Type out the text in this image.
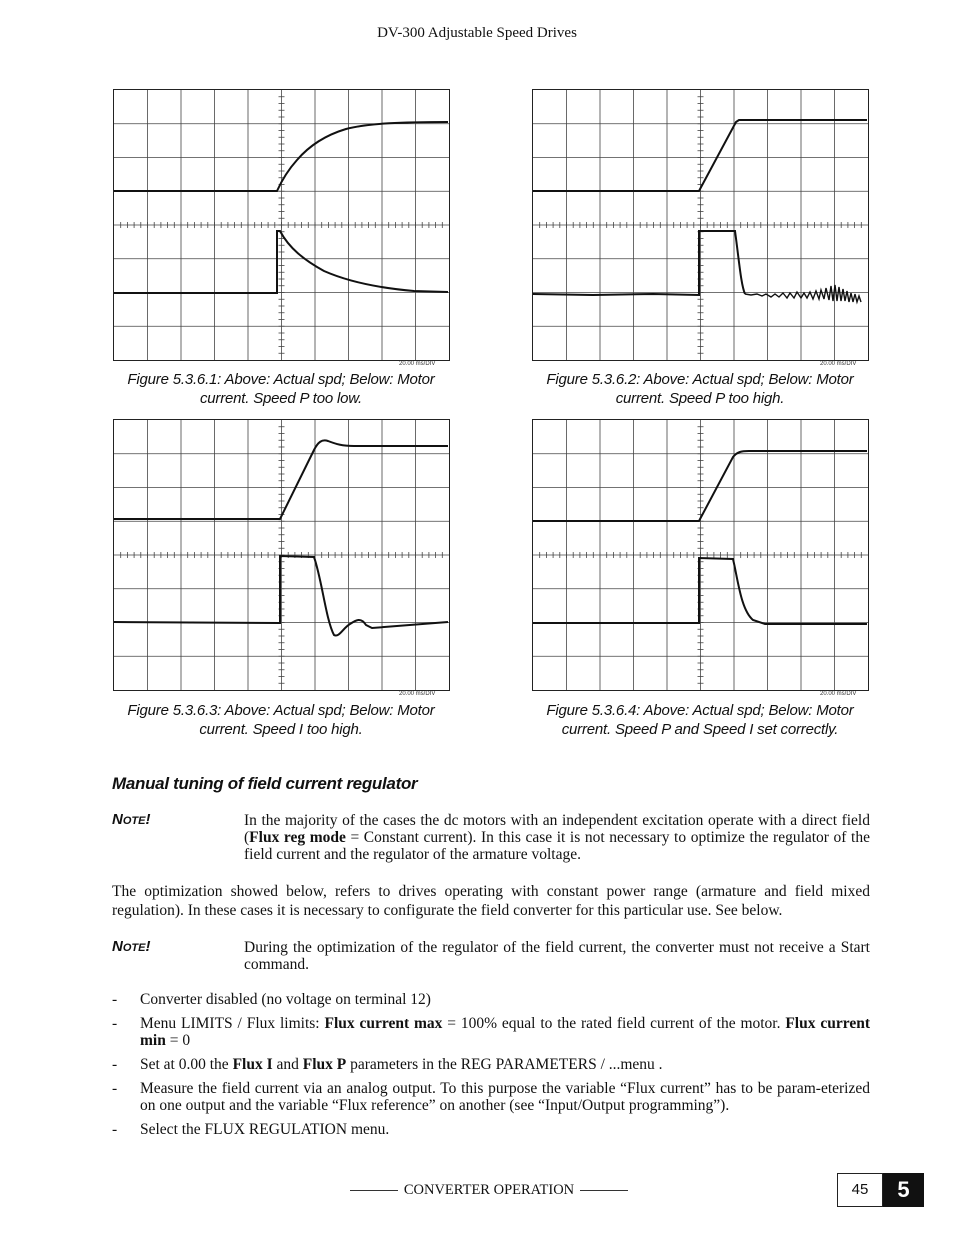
DV-300 Adjustable Speed Drives
20.00 ms/DIV
Figure 5.3.6.1: Above: Actual spd; Below: Motor
current. Speed P too low.
20.00 ms/DIV
Figure 5.3.6.2: Above: Actual spd; Below: Motor
current. Speed P too high.
20.00 ms/DIV
Figure 5.3.6.3: Above: Actual spd; Below: Motor
current. Speed I too high.
20.00 ms/DIV
Figure 5.3.6.4: Above: Actual spd; Below: Motor
current. Speed P and Speed I set correctly.
Manual tuning of field current regulator
NOTE!	In the majority of the cases the dc motors with an independent excitation operate with a direct field (Flux reg mode = Constant current). In this case it is not necessary to optimize the regulator of the field current and the regulator of the armature voltage.
The optimization showed below, refers to drives operating with constant power range (armature and field mixed regulation). In these cases it is necessary to configurate the field converter for this particular use. See below.
NOTE!	During the optimization of the regulator of the field current, the converter must not receive a Start command.
- Converter disabled (no voltage on terminal 12)
- Menu LIMITS / Flux limits: Flux current max = 100% equal to the rated field current of the motor. Flux current min = 0
- Set at 0.00 the Flux I and Flux P parameters in the REG PARAMETERS / ...menu .
- Measure the field current via an analog output. To this purpose the variable “Flux current” has to be param-eterized on one output and the variable “Flux reference” on another (see “Input/Output programming”).
- Select the FLUX REGULATION menu.
CONVERTER OPERATION	45	5
